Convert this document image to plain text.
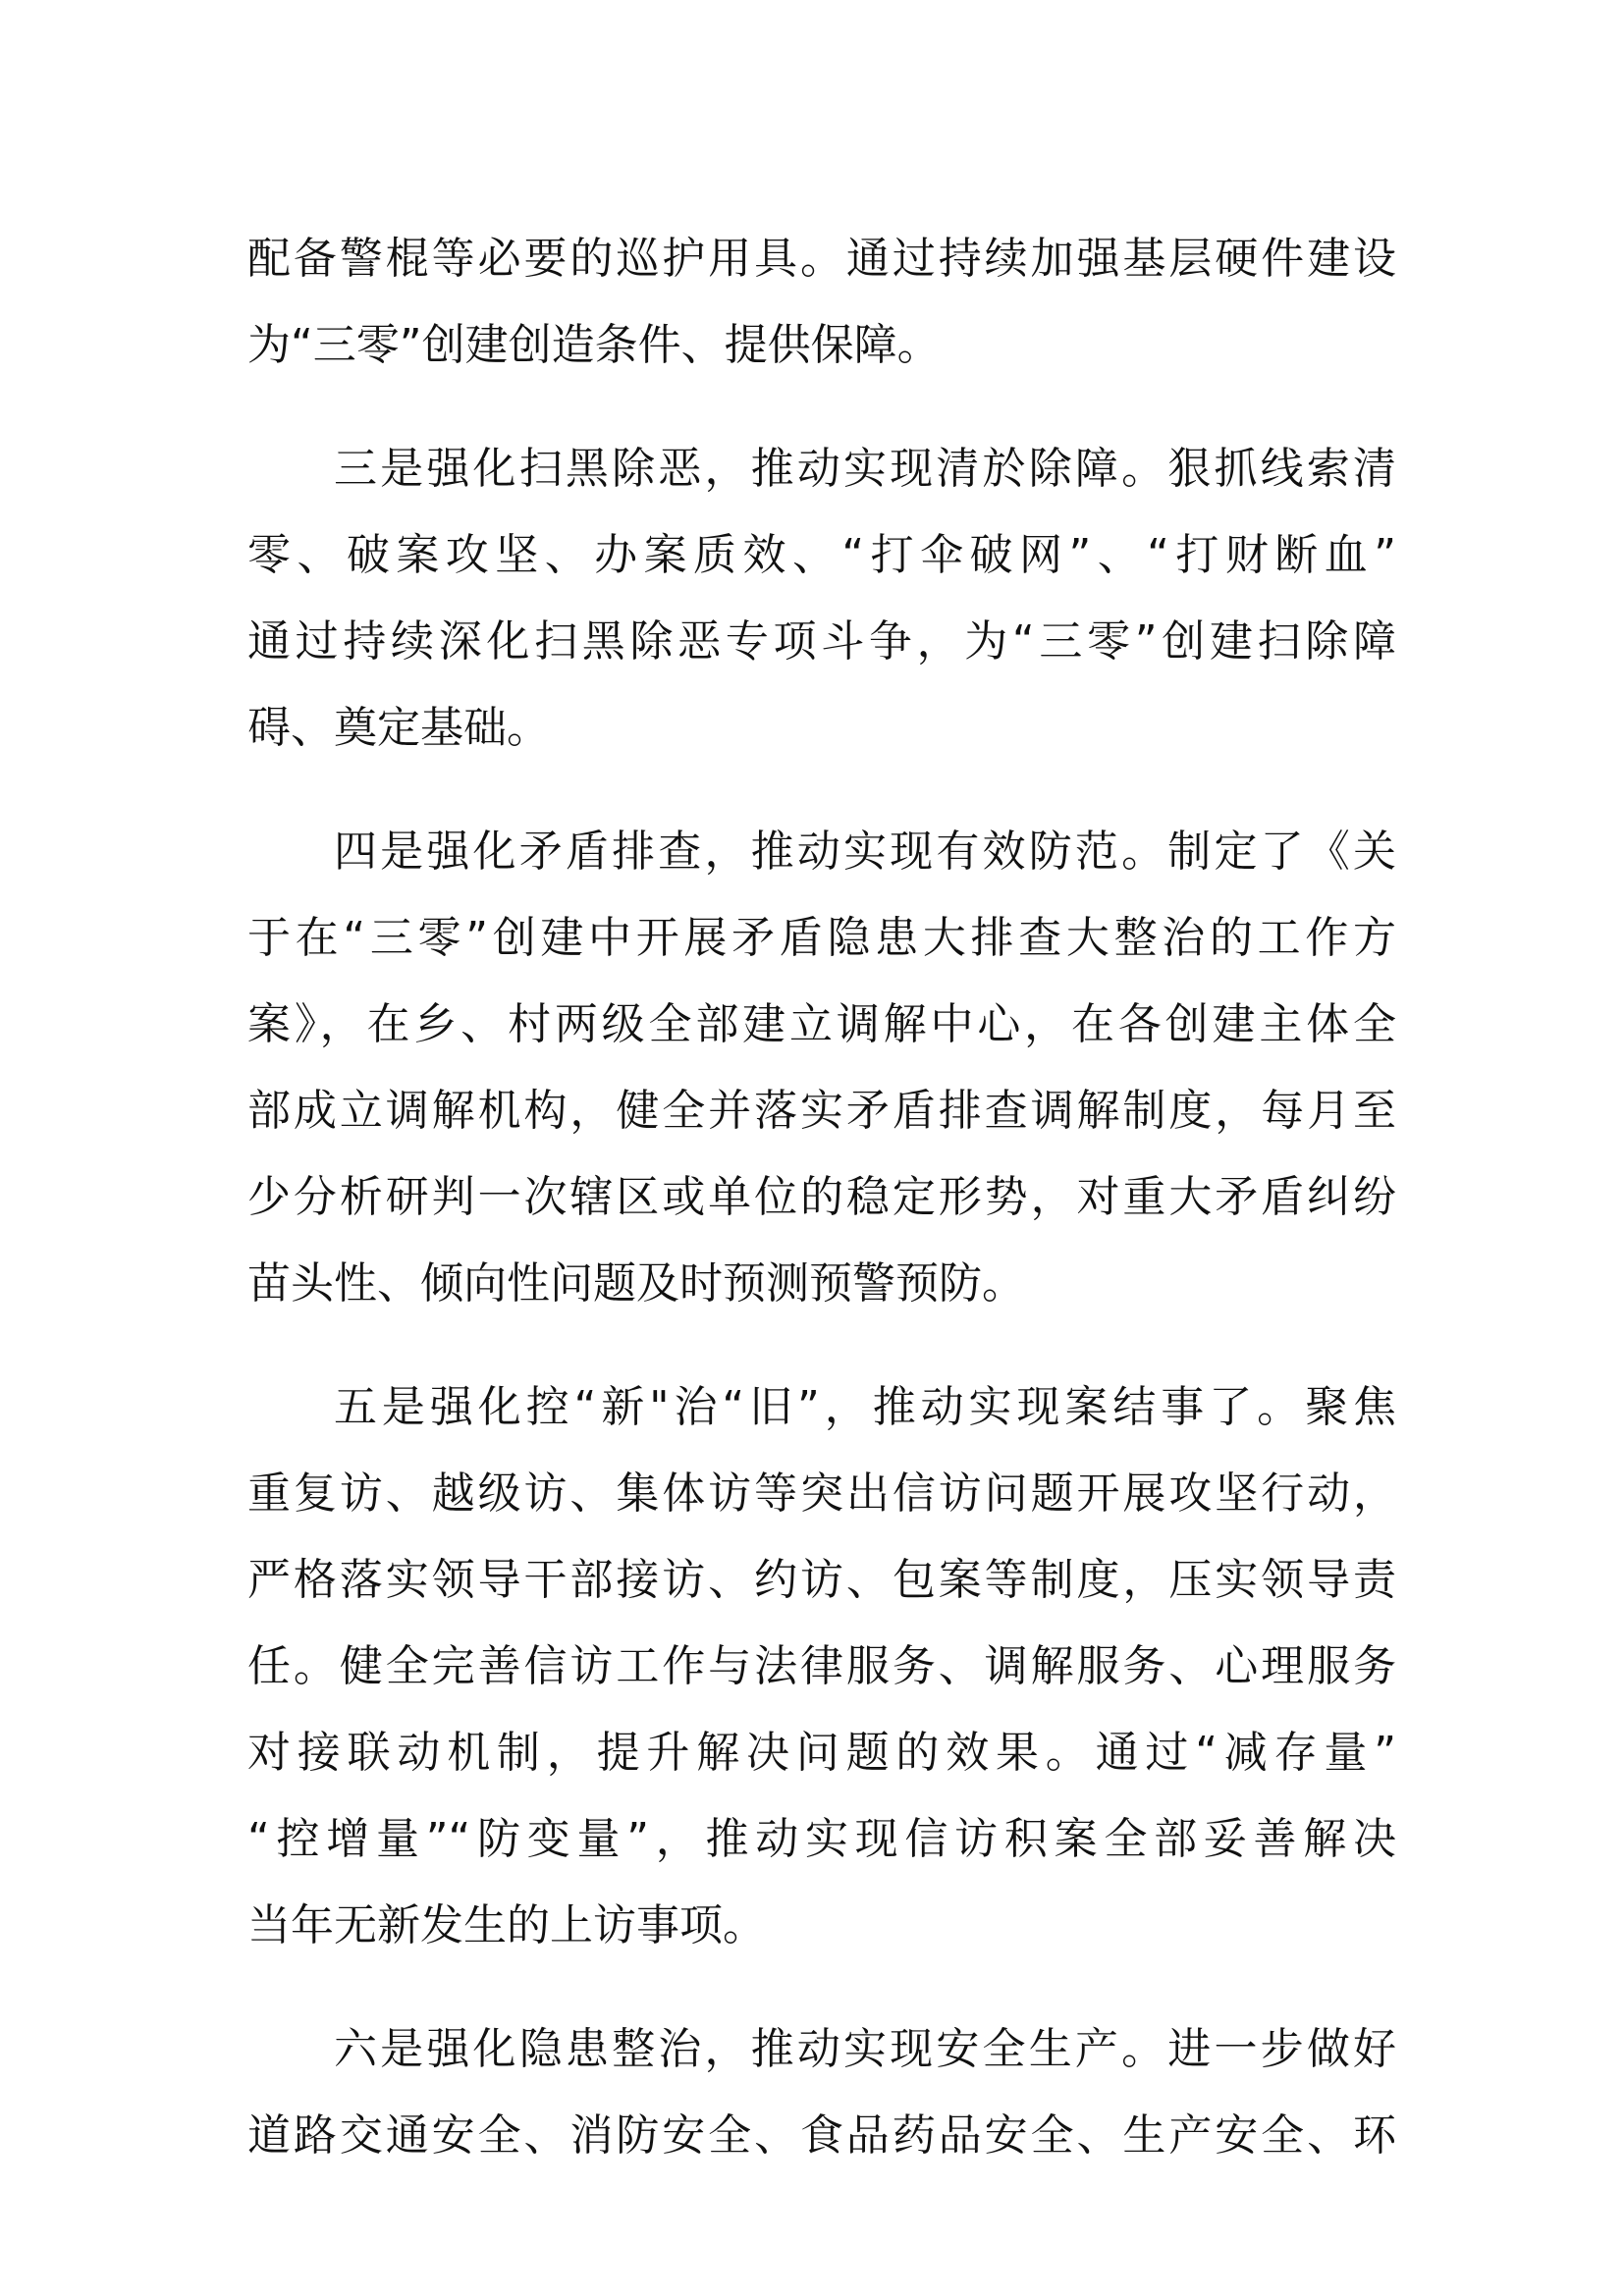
配备警棍等必要的巡护用具。通过持续加强基层硬件建设
为“三零”创建创造条件、提供保障。
三是强化扫黑除恶，推动实现清於除障。狠抓线索清
零、破案攻坚、办案质效、“打伞破网”、“打财断血”
通过持续深化扫黑除恶专项斗争，为“三零”创建扫除障
碍、奠定基础。
四是强化矛盾排查，推动实现有效防范。制定了《关
于在“三零”创建中开展矛盾隐患大排查大整治的工作方
案》，在乡、村两级全部建立调解中心，在各创建主体全
部成立调解机构，健全并落实矛盾排查调解制度，每月至
少分析研判一次辖区或单位的稳定形势，对重大矛盾纠纷
苗头性、倾向性问题及时预测预警预防。
五是强化控“新"治“旧”，推动实现案结事了。聚焦
重复访、越级访、集体访等突出信访问题开展攻坚行动，
严格落实领导干部接访、约访、包案等制度，压实领导责
任。健全完善信访工作与法律服务、调解服务、心理服务
对接联动机制，提升解决问题的效果。通过“减存量”
“控增量”“防变量”，推动实现信访积案全部妥善解决
当年无新发生的上访事项。
六是强化隐患整治，推动实现安全生产。进一步做好
道路交通安全、消防安全、食品药品安全、生产安全、环
